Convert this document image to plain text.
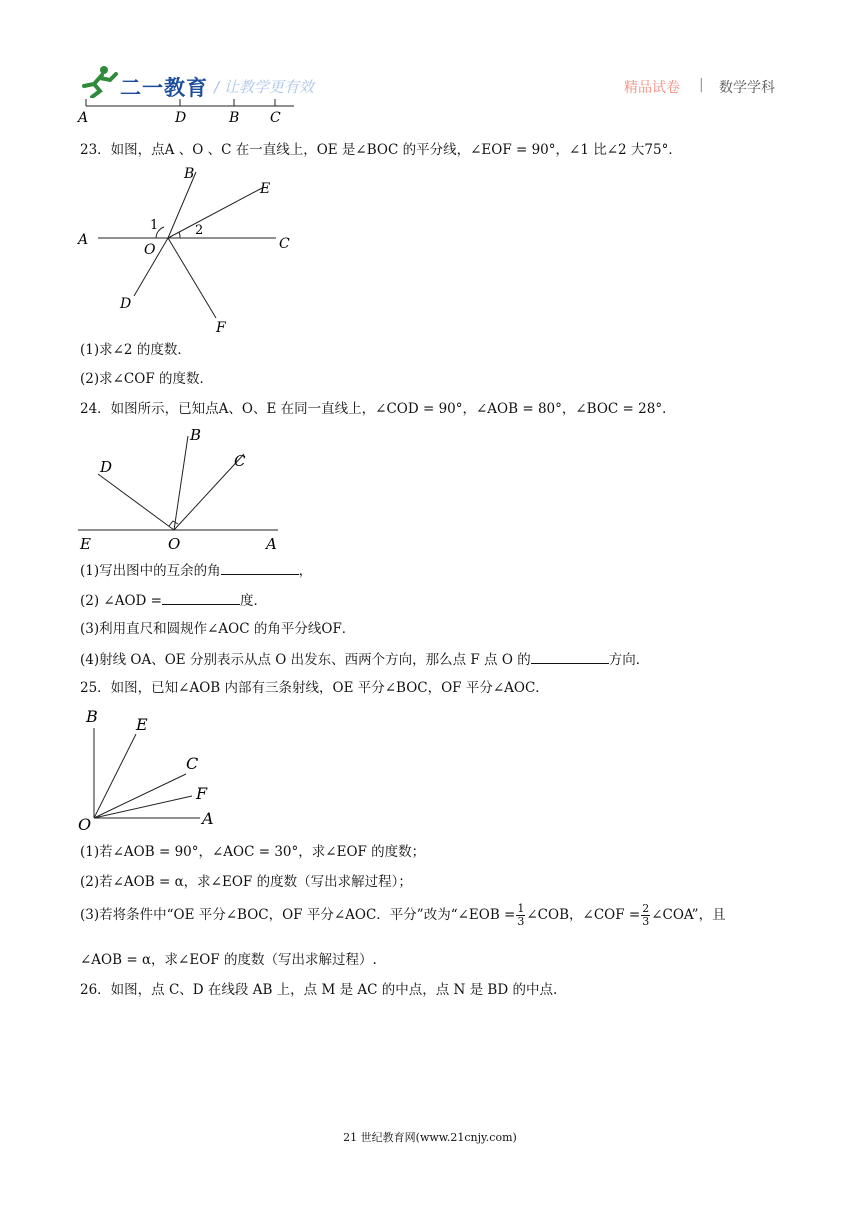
二一教育 / 让教学更有效	精品试卷 | 数学学科
A	D	B C
23．如图，点A 、O 、C 在一直线上，OE 是∠BOC 的平分线，∠EOF = 90°，∠1 比∠2 大75°．
B
E
A	C
O
D
F
1	2
(1)求∠2 的度数．
(2)求∠COF 的度数．
24．如图所示，已知点A、O、E 在同一直线上，∠COD = 90°，∠AOB = 80°，∠BOC = 28°．
B
D	C
E	O	A
(1)写出图中的互余的角	，
(2) ∠AOD =	度．
(3)利用直尺和圆规作∠AOC 的角平分线OF．
(4)射线 OA、OE 分别表示从点 O 出发东、西两个方向，那么点 F 点 O 的	方向．
25．如图，已知∠AOB 内部有三条射线，OE 平分∠BOC，OF 平分∠AOC．
B E
C
F
O	A
(1)若∠AOB = 90°，∠AOC = 30°，求∠EOF 的度数；
(2)若∠AOB = α，求∠EOF 的度数（写出求解过程）；
(3)若将条件中“OE 平分∠BOC，OF 平分∠AOC．平分”改为“∠EOB = $\frac{1}{3}$ ∠COB，∠COF = $\frac{2}{3}$ ∠COA”，且
∠AOB = α，求∠EOF 的度数（写出求解过程）.
26．如图，点 C、D 在线段 AB 上，点 M 是 AC 的中点，点 N 是 BD 的中点.
21 世纪教育网(www.21cnjy.com)
